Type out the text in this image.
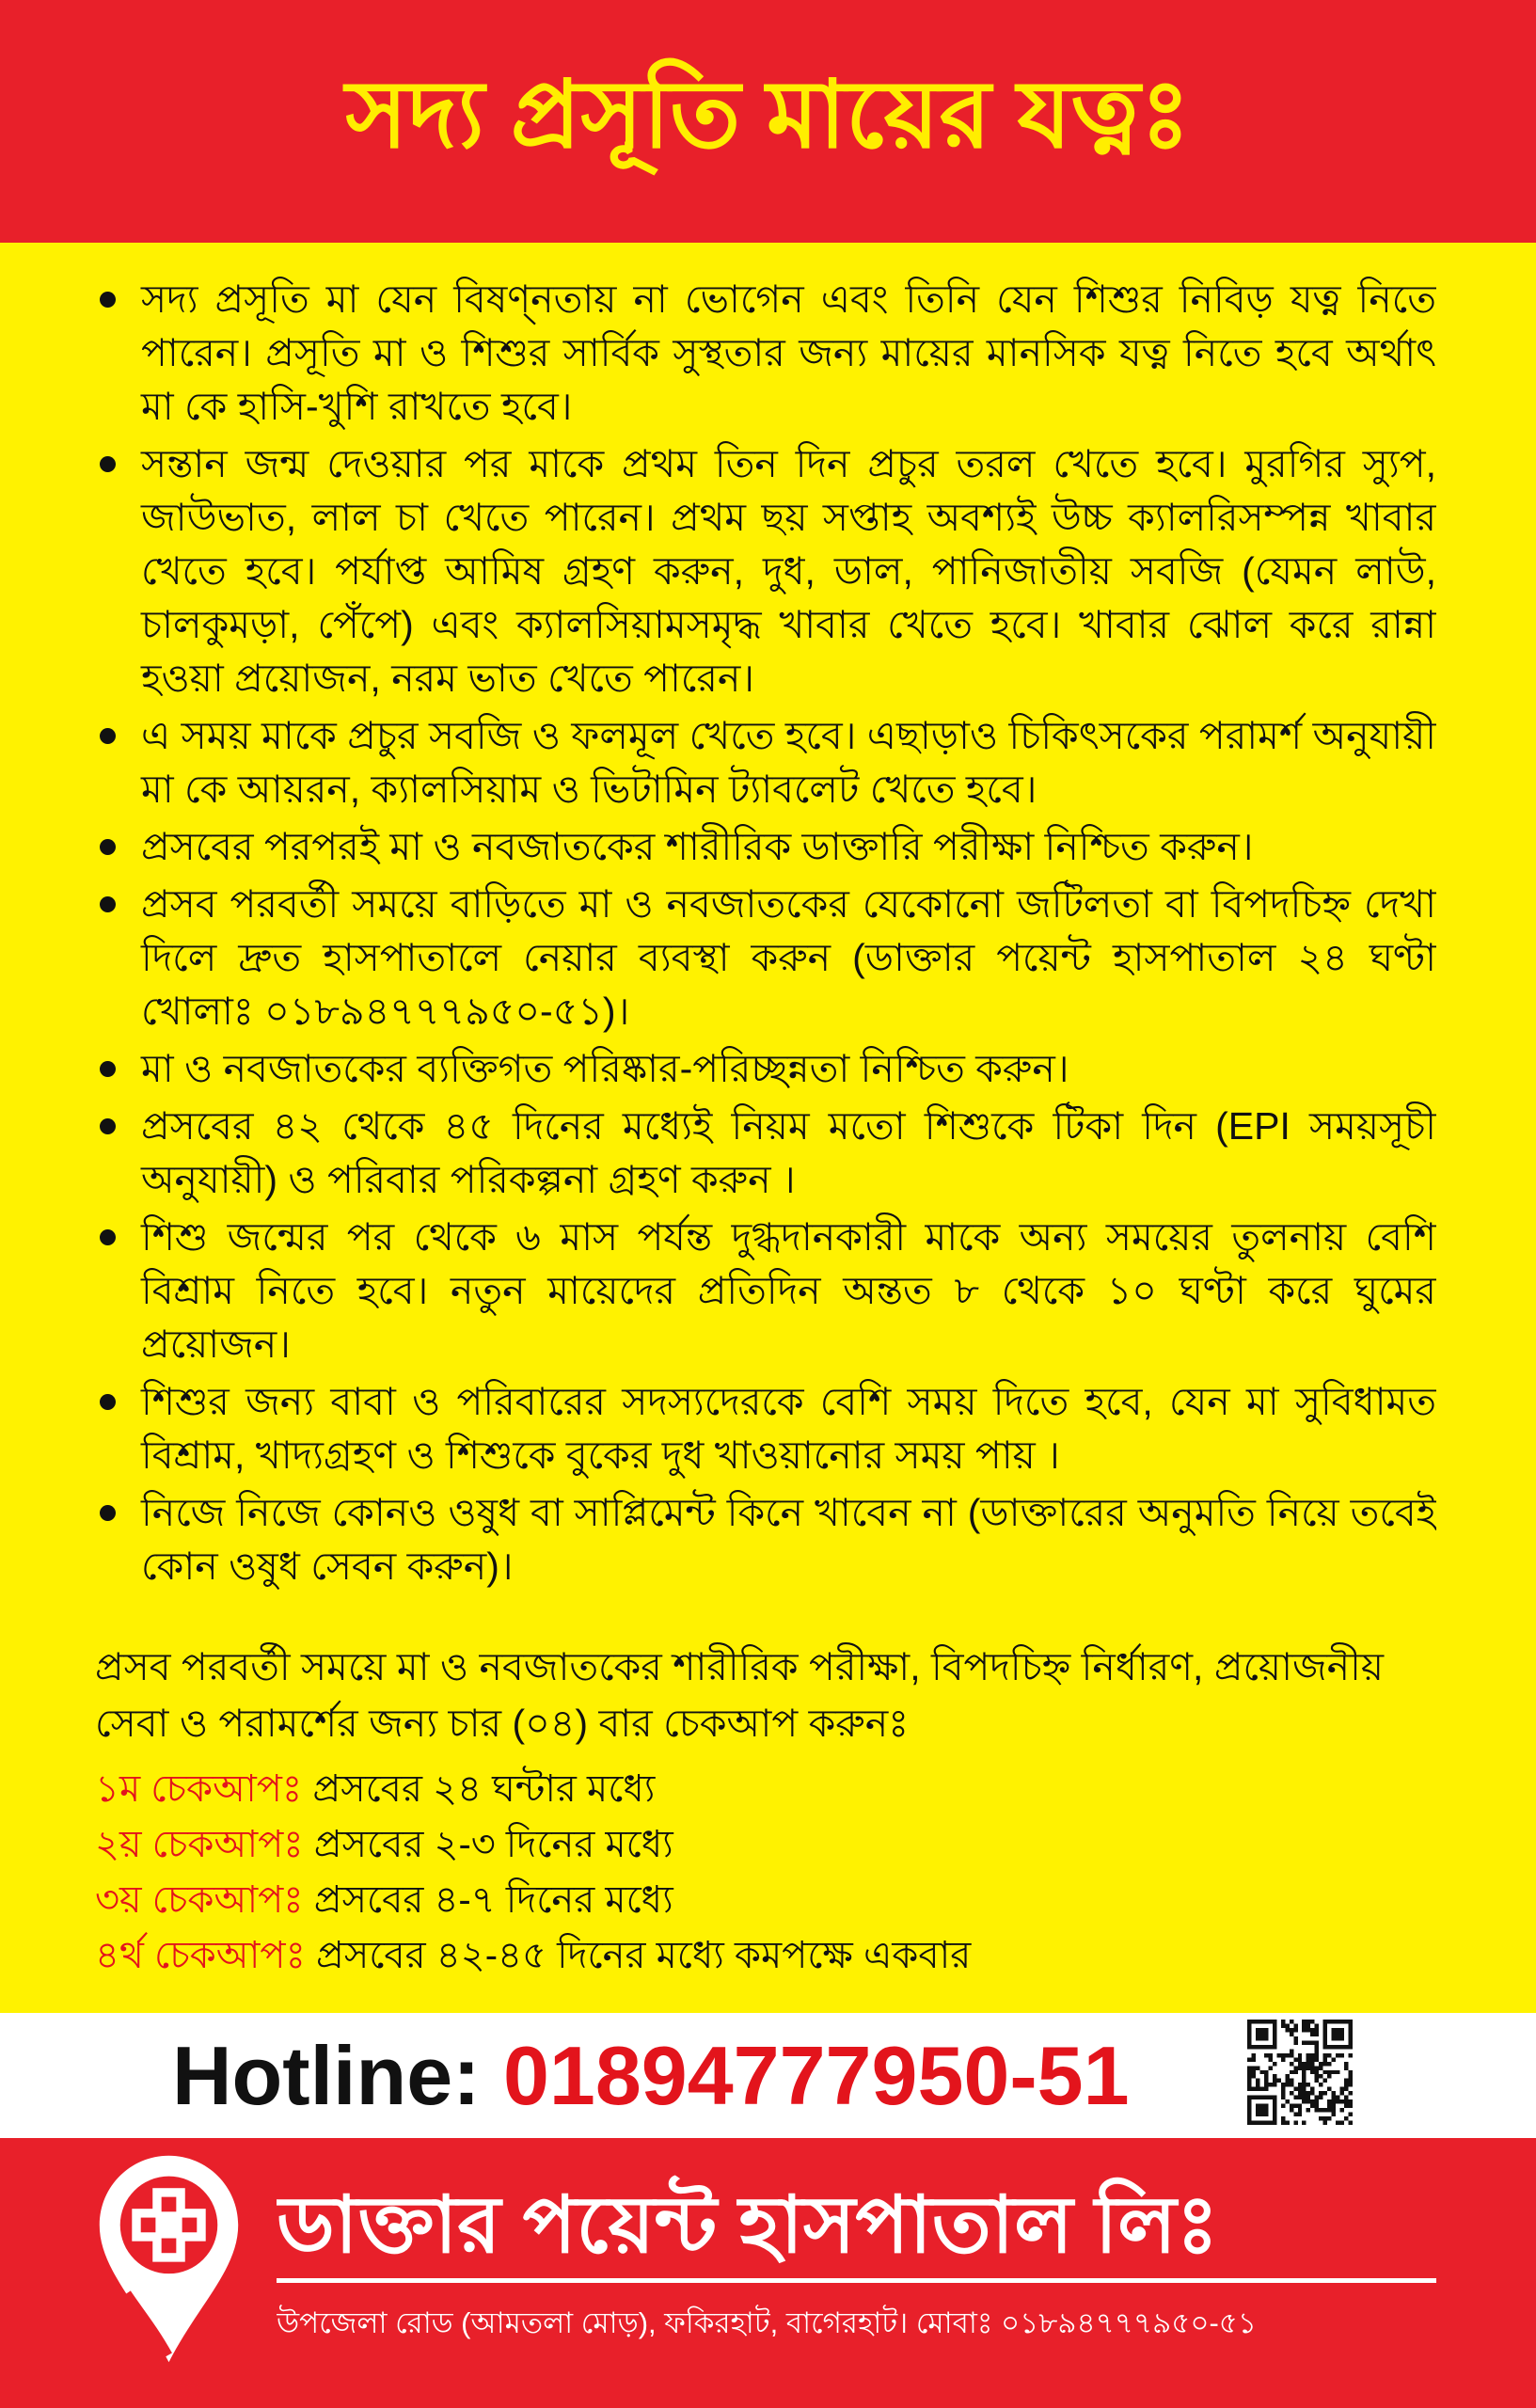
সদ্য প্রসূতি মায়ের যত্নঃ
সদ্য প্রসূতি মা যেন বিষণ্নতায় না ভোগেন এবং তিনি যেন শিশুর নিবিড় যত্ন নিতে পারেন। প্রসূতি মা ও শিশুর সার্বিক সুস্থতার জন্য মায়ের মানসিক যত্ন নিতে হবে অর্থাৎ মা কে হাসি-খুশি রাখতে হবে।
সন্তান জন্ম দেওয়ার পর মাকে প্রথম তিন দিন প্রচুর তরল খেতে হবে। মুরগির স্যুপ, জাউভাত, লাল চা খেতে পারেন। প্রথম ছয় সপ্তাহ অবশ্যই উচ্চ ক্যালরিসম্পন্ন খাবার খেতে হবে। পর্যাপ্ত আমিষ গ্রহণ করুন, দুধ, ডাল, পানিজাতীয় সবজি (যেমন লাউ, চালকুমড়া, পেঁপে) এবং ক্যালসিয়ামসমৃদ্ধ খাবার খেতে হবে। খাবার ঝোল করে রান্না হওয়া প্রয়োজন, নরম ভাত খেতে পারেন।
এ সময় মাকে প্রচুর সবজি ও ফলমূল খেতে হবে। এছাড়াও চিকিৎসকের পরামর্শ অনুযায়ী মা কে আয়রন, ক্যালসিয়াম ও ভিটামিন ট্যাবলেট খেতে হবে।
প্রসবের পরপরই মা ও নবজাতকের শারীরিক ডাক্তারি পরীক্ষা নিশ্চিত করুন।
প্রসব পরবর্তী সময়ে বাড়িতে মা ও নবজাতকের যেকোনো জটিলতা বা বিপদচিহ্ন দেখা দিলে দ্রুত হাসপাতালে নেয়ার ব্যবস্থা করুন (ডাক্তার পয়েন্ট হাসপাতাল ২৪ ঘণ্টা খোলাঃ ০১৮৯৪৭৭৭৯৫০-৫১)।
মা ও নবজাতকের ব্যক্তিগত পরিষ্কার-পরিচ্ছন্নতা নিশ্চিত করুন।
প্রসবের ৪২ থেকে ৪৫ দিনের মধ্যেই নিয়ম মতো শিশুকে টিকা দিন (EPI সময়সূচী অনুযায়ী) ও পরিবার পরিকল্পনা গ্রহণ করুন ।
শিশু জন্মের পর থেকে ৬ মাস পর্যন্ত দুগ্ধদানকারী মাকে অন্য সময়ের তুলনায় বেশি বিশ্রাম নিতে হবে। নতুন মায়েদের প্রতিদিন অন্তত ৮ থেকে ১০ ঘণ্টা করে ঘুমের প্রয়োজন।
শিশুর জন্য বাবা ও পরিবারের সদস্যদেরকে বেশি সময় দিতে হবে, যেন মা সুবিধামত বিশ্রাম, খাদ্যগ্রহণ ও শিশুকে বুকের দুধ খাওয়ানোর সময় পায় ।
নিজে নিজে কোনও ওষুধ বা সাপ্লিমেন্ট কিনে খাবেন না (ডাক্তারের অনুমতি নিয়ে তবেই কোন ওষুধ সেবন করুন)।

প্রসব পরবর্তী সময়ে মা ও নবজাতকের শারীরিক পরীক্ষা, বিপদচিহ্ন নির্ধারণ, প্রয়োজনীয় সেবা ও পরামর্শের জন্য চার (০৪) বার চেকআপ করুনঃ

১ম চেকআপঃ প্রসবের ২৪ ঘন্টার মধ্যে
২য় চেকআপঃ প্রসবের ২-৩ দিনের মধ্যে
৩য় চেকআপঃ প্রসবের ৪-৭ দিনের মধ্যে
৪র্থ চেকআপঃ প্রসবের ৪২-৪৫ দিনের মধ্যে কমপক্ষে একবার
Hotline: 01894777950-51
ডাক্তার পয়েন্ট হাসপাতাল লিঃ
উপজেলা রোড (আমতলা মোড়), ফকিরহাট, বাগেরহাট। মোবাঃ ০১৮৯৪৭৭৭৯৫০-৫১
